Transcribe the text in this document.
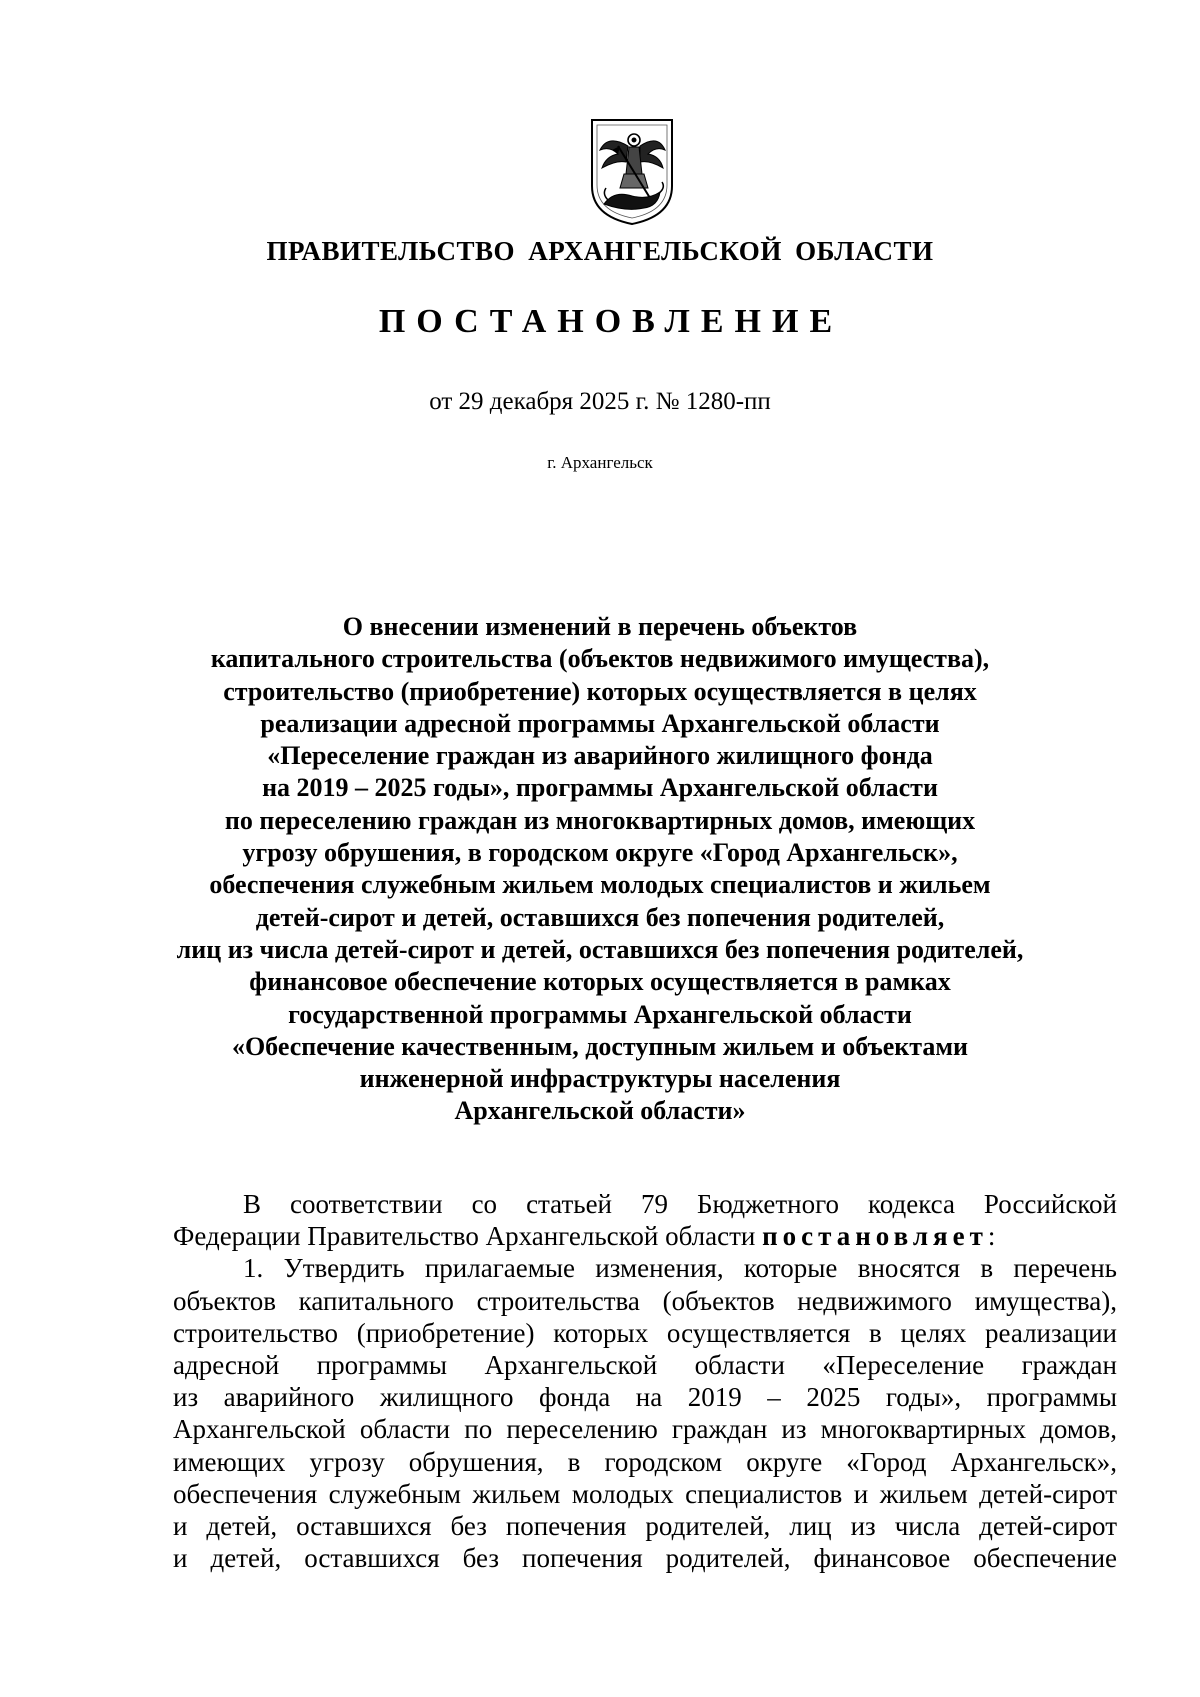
ПРАВИТЕЛЬСТВО АРХАНГЕЛЬСКОЙ ОБЛАСТИ
ПОСТАНОВЛЕНИЕ
от 29 декабря 2025 г. № 1280-пп
г. Архангельск
О внесении изменений в перечень объектов
капитального строительства (объектов недвижимого имущества),
строительство (приобретение) которых осуществляется в целях
реализации адресной программы Архангельской области
«Переселение граждан из аварийного жилищного фонда
на 2019 – 2025 годы», программы Архангельской области
по переселению граждан из многоквартирных домов, имеющих
угрозу обрушения, в городском округе «Город Архангельск»,
обеспечения служебным жильем молодых специалистов и жильем
детей-сирот и детей, оставшихся без попечения родителей,
лиц из числа детей-сирот и детей, оставшихся без попечения родителей,
финансовое обеспечение которых осуществляется в рамках
государственной программы Архангельской области
«Обеспечение качественным, доступным жильем и объектами
инженерной инфраструктуры населения
Архангельской области»
В соответствии со статьей 79 Бюджетного кодекса Российской
Федерации Правительство Архангельской области постановляет:
1. Утвердить прилагаемые изменения, которые вносятся в перечень
объектов капитального строительства (объектов недвижимого имущества),
строительство (приобретение) которых осуществляется в целях реализации
адресной программы Архангельской области «Переселение граждан
из аварийного жилищного фонда на 2019 – 2025 годы», программы
Архангельской области по переселению граждан из многоквартирных домов,
имеющих угрозу обрушения, в городском округе «Город Архангельск»,
обеспечения служебным жильем молодых специалистов и жильем детей-сирот
и детей, оставшихся без попечения родителей, лиц из числа детей-сирот
и детей, оставшихся без попечения родителей, финансовое обеспечение
